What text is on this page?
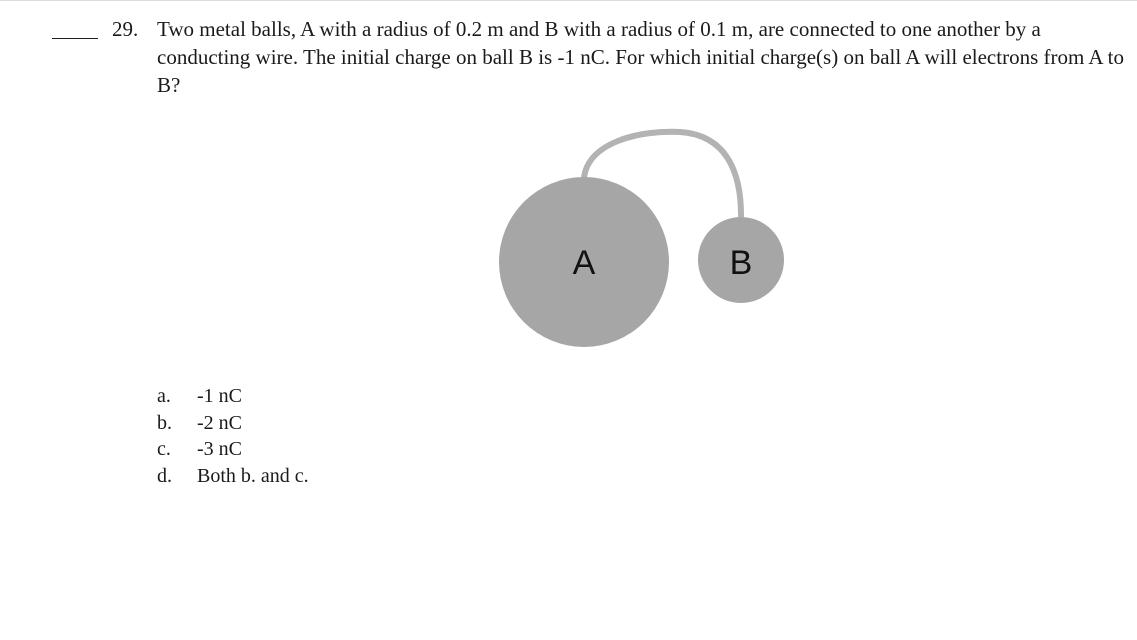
29. Two metal balls, A with a radius of 0.2 m and B with a radius of 0.1 m, are connected to one another by a conducting wire. The initial charge on ball B is -1 nC. For which initial charge(s) on ball A will electrons from A to B?
A	B
a.	-1 nC
b.	-2 nC
c.	-3 nC
d.	Both b. and c.
